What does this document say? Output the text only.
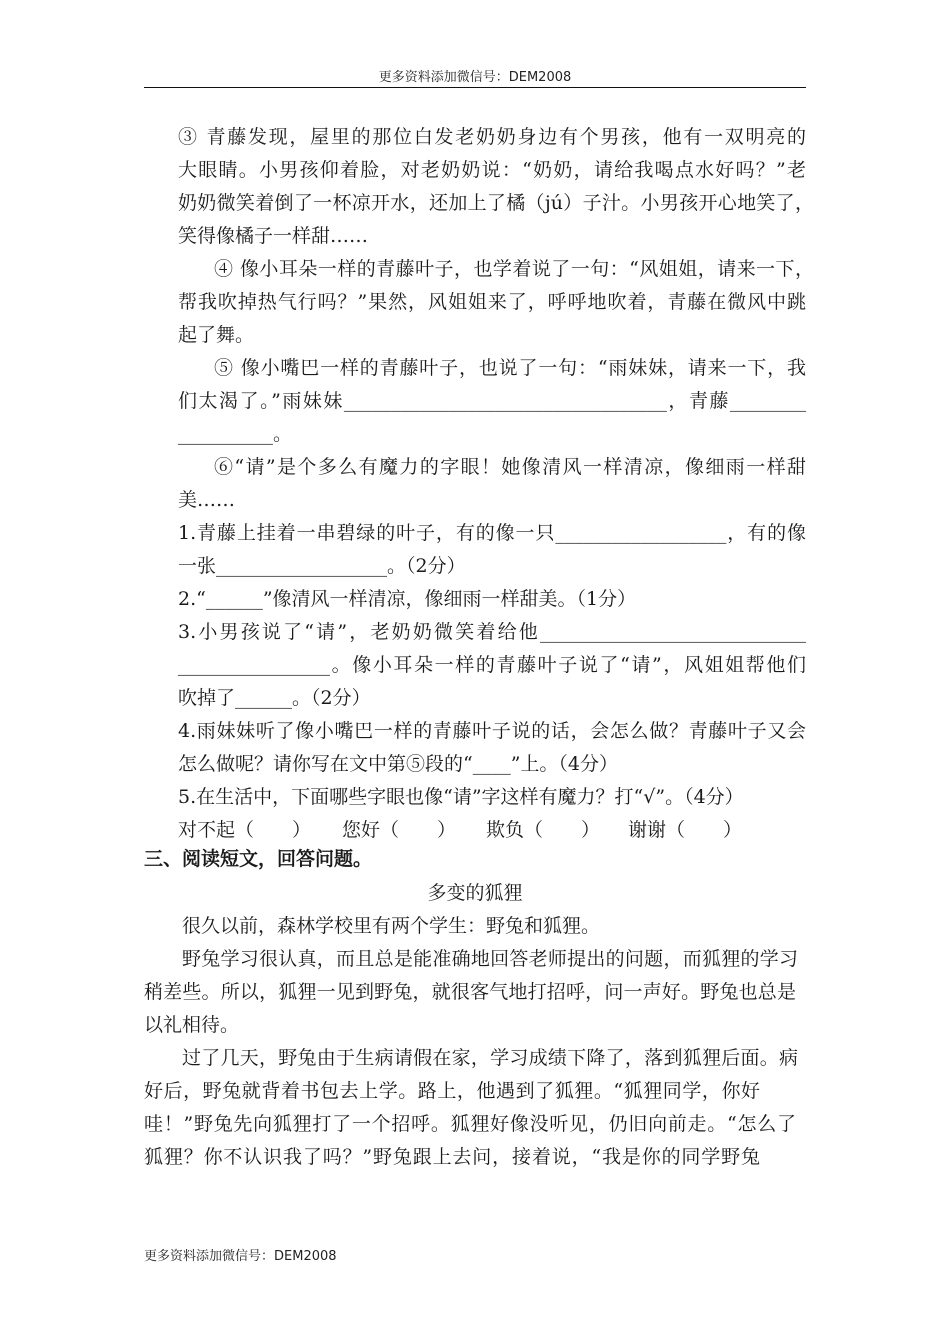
更多资料添加微信号：DEM2008
③ 青藤发现，屋里的那位白发老奶奶身边有个男孩，他有一双明亮的
大眼睛。小男孩仰着脸，对老奶奶说：“奶奶，请给我喝点水好吗？”老
奶奶微笑着倒了一杯凉开水，还加上了橘（jú）子汁。小男孩开心地笑了，
笑得像橘子一样甜……
④ 像小耳朵一样的青藤叶子，也学着说了一句：“风姐姐，请来一下，
帮我吹掉热气行吗？”果然，风姐姐来了，呼呼地吹着，青藤在微风中跳
起了舞。
⑤ 像小嘴巴一样的青藤叶子，也说了一句：“雨妹妹，请来一下，我
们太渴了。”雨妹妹__________________________________，青藤________
__________。
⑥“请”是个多么有魔力的字眼！她像清风一样清凉，像细雨一样甜
美……
1.青藤上挂着一串碧绿的叶子，有的像一只__________________，有的像
一张__________________。（2分）
2.“______”像清风一样清凉，像细雨一样甜美。（1分）
3.小男孩说了“请”，老奶奶微笑着给他____________________________
________________。像小耳朵一样的青藤叶子说了“请”，风姐姐帮他们
吹掉了______。（2分）
4.雨妹妹听了像小嘴巴一样的青藤叶子说的话，会怎么做？青藤叶子又会
怎么做呢？请你写在文中第⑤段的“____”上。（4分）
5.在生活中，下面哪些字眼也像“请”字这样有魔力？打“√”。（4分）
对不起（　　） 您好（　　） 欺负（　　） 谢谢（　　）
三、阅读短文，回答问题。
多变的狐狸
很久以前，森林学校里有两个学生：野兔和狐狸。
野兔学习很认真，而且总是能准确地回答老师提出的问题，而狐狸的学习
稍差些。所以，狐狸一见到野兔，就很客气地打招呼，问一声好。野兔也总是
以礼相待。
过了几天，野兔由于生病请假在家，学习成绩下降了，落到狐狸后面。病
好后，野兔就背着书包去上学。路上，他遇到了狐狸。“狐狸同学，你好
哇！”野兔先向狐狸打了一个招呼。狐狸好像没听见，仍旧向前走。“怎么了
狐狸？你不认识我了吗？”野兔跟上去问，接着说，“我是你的同学野兔
更多资料添加微信号：DEM2008
